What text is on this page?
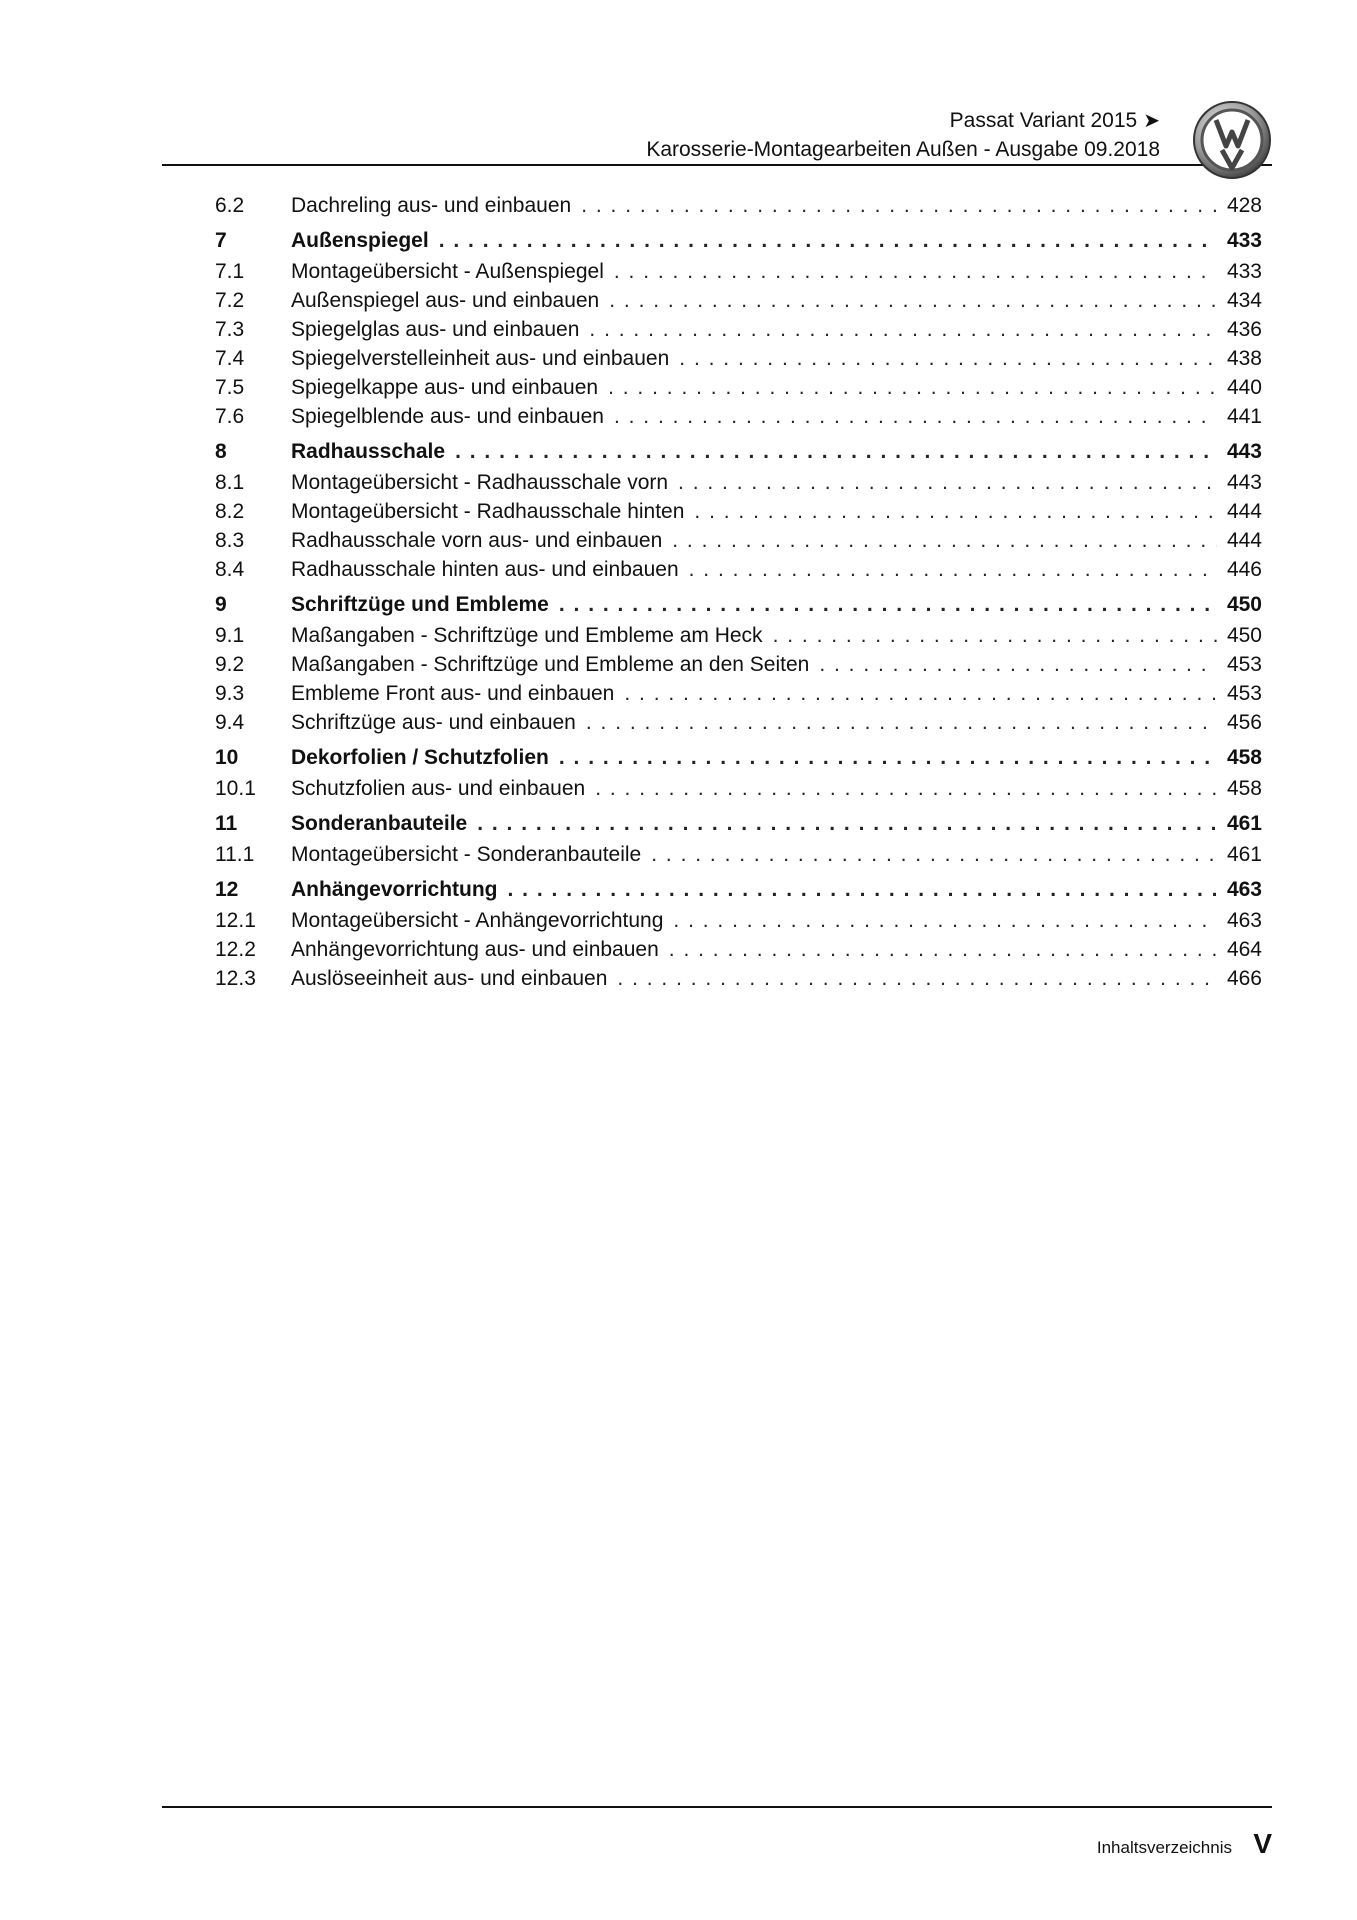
Passat Variant 2015 ➤
Karosserie-Montagearbeiten Außen - Ausgabe 09.2018
6.2	Dachreling aus- und einbauen . . .	428
7	Außenspiegel . . .	433
7.1	Montageübersicht - Außenspiegel . . .	433
7.2	Außenspiegel aus- und einbauen . . .	434
7.3	Spiegelglas aus- und einbauen . . .	436
7.4	Spiegelverstelleinheit aus- und einbauen . . .	438
7.5	Spiegelkappe aus- und einbauen . . .	440
7.6	Spiegelblende aus- und einbauen . . .	441
8	Radhausschale . . .	443
8.1	Montageübersicht - Radhausschale vorn . . .	443
8.2	Montageübersicht - Radhausschale hinten . . .	444
8.3	Radhausschale vorn aus- und einbauen . . .	444
8.4	Radhausschale hinten aus- und einbauen . . .	446
9	Schriftzüge und Embleme . . .	450
9.1	Maßangaben - Schriftzüge und Embleme am Heck . . .	450
9.2	Maßangaben - Schriftzüge und Embleme an den Seiten . . .	453
9.3	Embleme Front aus- und einbauen . . .	453
9.4	Schriftzüge aus- und einbauen . . .	456
10	Dekorfolien / Schutzfolien . . .	458
10.1	Schutzfolien aus- und einbauen . . .	458
11	Sonderanbauteile . . .	461
11.1	Montageübersicht - Sonderanbauteile . . .	461
12	Anhängevorrichtung . . .	463
12.1	Montageübersicht - Anhängevorrichtung . . .	463
12.2	Anhängevorrichtung aus- und einbauen . . .	464
12.3	Auslöseeinheit aus- und einbauen . . .	466
Inhaltsverzeichnis V
